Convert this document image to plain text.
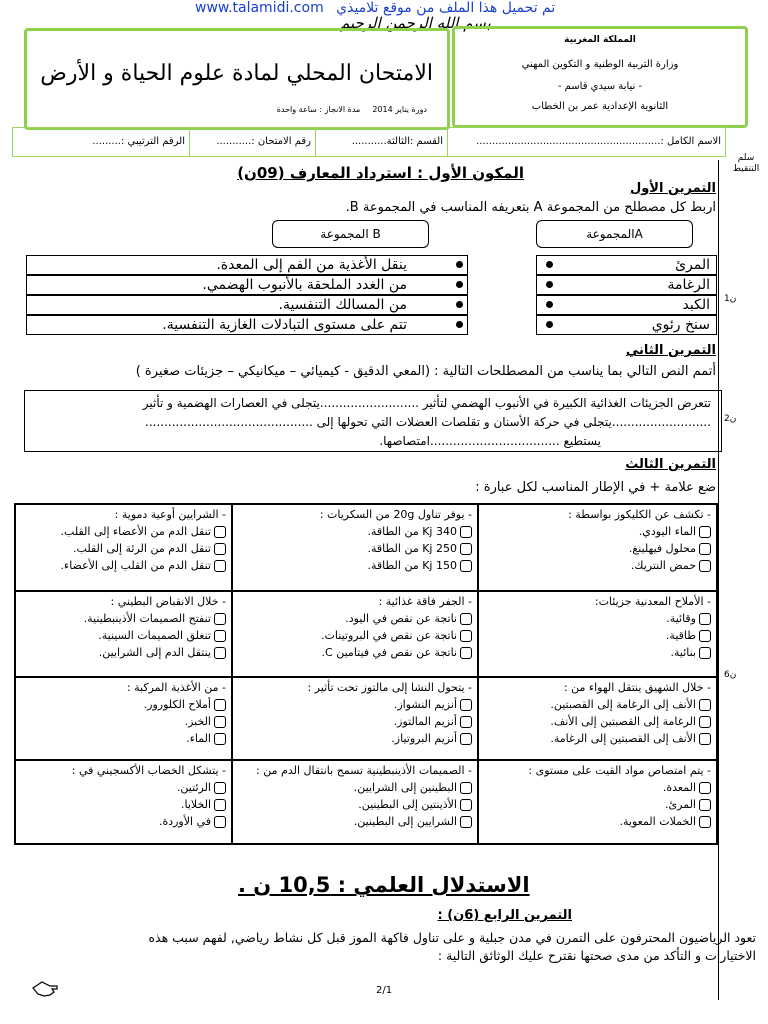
www.talamidi.com تم تحميل هذا الملف من موقع تلاميذي
بسم الله الرحمن الرحيم
الامتحان المحلي لمادة علوم الحياة و الأرض
دورة يناير 2014
مدة الانجاز : ساعة واحدة
المملكة المغربية
وزارة التربية الوطنية و التكوين المهني
- نيابة سيدي قاسم -
الثانوية الإعدادية عمر بن الخطاب
الاسم الكامل :..........................................................
القسم :الثالثة...........
رقم الامتحان :...........
الرقم الترتيبي :.........
سلم التنقيط
1ن
2ن
6ن
المكون الأول : استرداد المعارف (09ن)
التمرين الأول
اربط كل مصطلح من المجموعة A بتعريفه المناسب في المجموعة B.
المجموعةA
المجموعة B
المرئ
الرغامة
الكبد
سنخ رئوي
ينقل الأغذية من الفم إلى المعدة.
من الغدد الملحقة بالأنبوب الهضمي.
من المسالك التنفسية.
تتم على مستوى التبادلات الغازية التنفسية.
التمرين الثاني
أتمم النص التالي بما يناسب من المصطلحات التالية : (المعي الدقيق - كيميائي – ميكانيكي – جزيئات صغيرة )
تتعرض الجزيئات الغذائية الكبيرة في الأنبوب الهضمي لتأثير ..........................يتجلى في العصارات الهضمية و تأثير
..........................يتجلى في حركة الأسنان و تقلصات العضلات التي تحولها إلى ............................................
يستطيع ..................................امتصاصها.
التمرين الثالث
ضع علامة + في الإطار المناسب لكل عبارة :
- تكشف عن الكليكوز بواسطة :
الماء اليودي.
محلول فيهلينغ.
حمض النتريك.
- يوفر تناول 20g من السكريات :
340 Kj من الطاقة.
250 Kj من الطاقة.
150 Kj من الطاقة.
- الشرايين أوعية دموية :
تنقل الدم من الأعضاء إلى القلب.
تنقل الدم من الرئة إلى القلب.
تنقل الدم من القلب إلى الأعضاء.
- الأملاح المعدنية جزيئات:
وقائية.
طاقية.
بنائية.
- الجفر فاقة غذائية :
ناتجة عن نقص في اليود.
ناتجة عن نقص في البروتينات.
ناتجة عن نقص في فيتامين C.
- خلال الانقباض البطيني :
تنفتح الصميمات الأذينبطينية.
تنغلق الصميمات السينية.
ينتقل الدم إلى الشرايين.
- خلال الشهيق ينتقل الهواء من :
الأنف إلى الرغامة إلى القصبتين.
الرغامة إلى القصبتين إلى الأنف.
الأنف إلى القصبتين إلى الرغامة.
- يتحول النشا إلى مالتوز تحت تأثير :
أنزيم النشواز.
أنزيم المالتوز.
أنزيم البروتياز.
- من الأغذية المركبة :
أملاح الكلورور.
الخبز.
الماء.
- يتم امتصاص مواد القيت على مستوى :
المعدة.
المرئ.
الخملات المعوية.
- الصميمات الأذينبطينية تسمح بانتقال الدم من :
البطينين إلى الشرايين.
الأذينتين إلى البطينين.
الشرايين إلى البطينين.
- يتشكل الخضاب الأكسجيني في :
الرئتين.
الخلايا.
في الأوردة.
الاستدلال العلمي : 10,5 ن .
التمرين الرابع (6ن) :
تعود الرياضيون المحترفون على التمرن في مدن جبلية و على تناول فاكهة الموز قبل كل نشاط رياضي, لفهم سبب هذه
الاختيارات و التأكد من مدى صحتها نقترح عليك الوثائق التالية :
2/1
